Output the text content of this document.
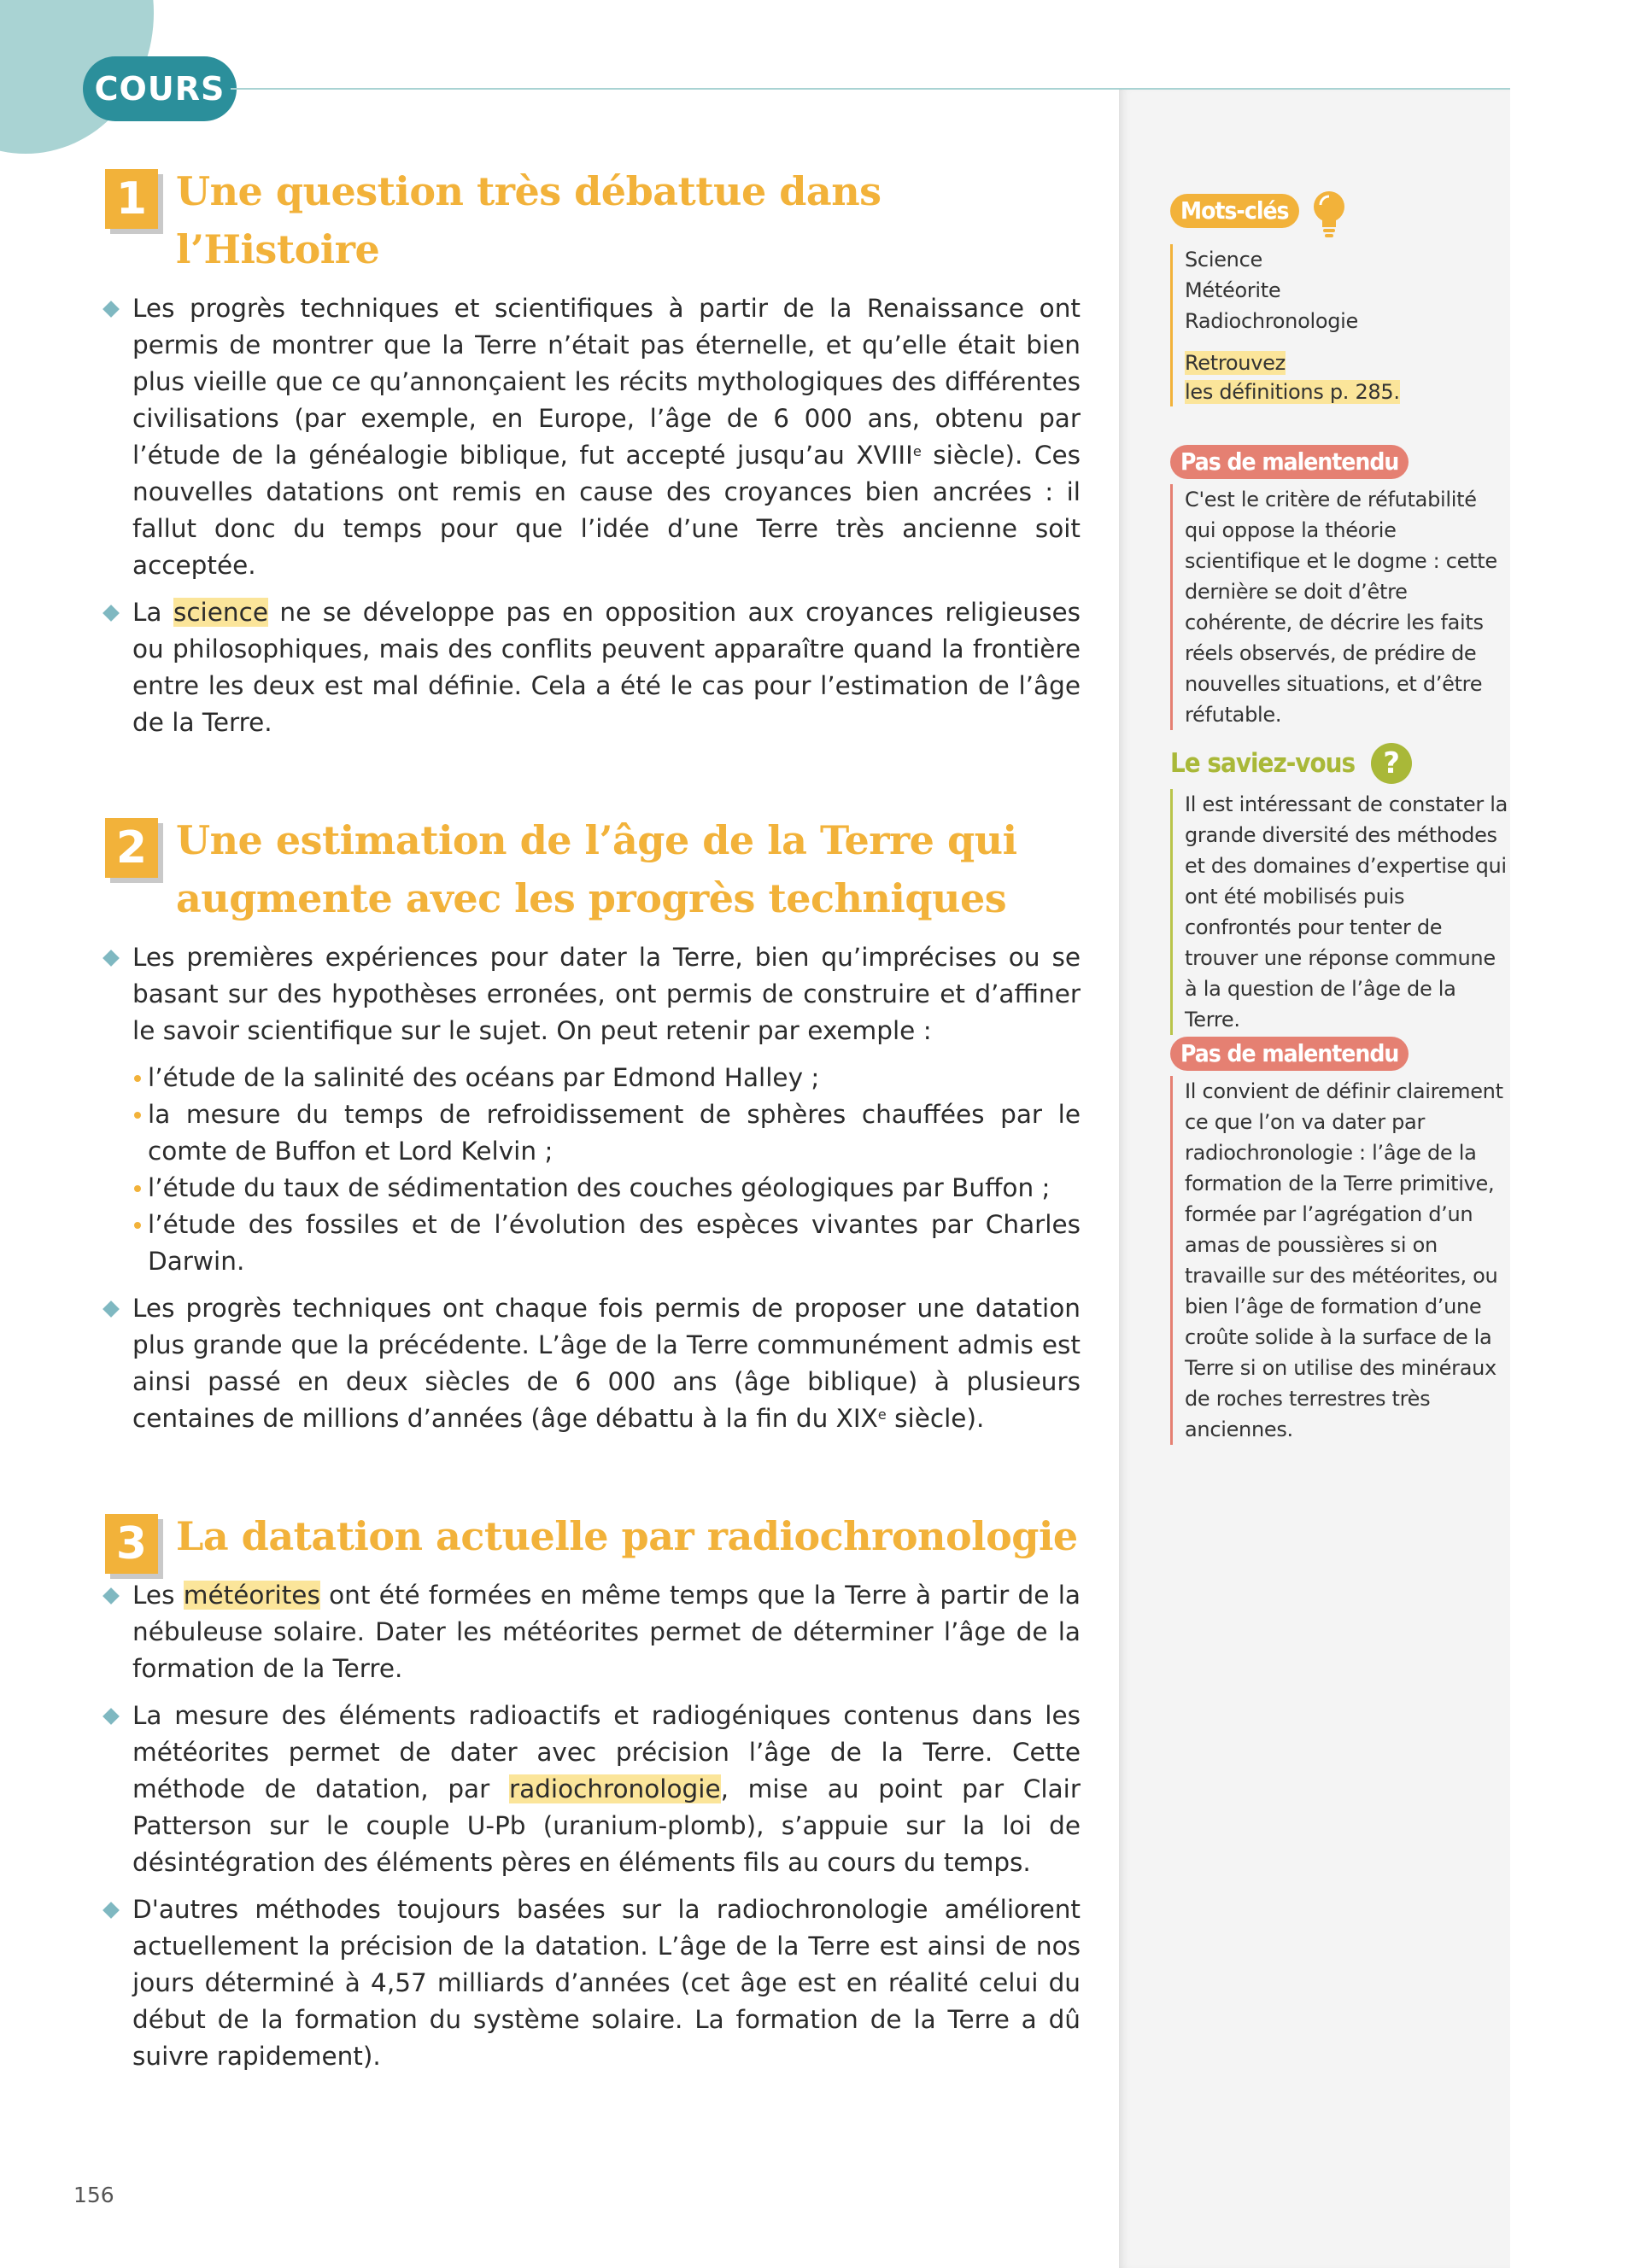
COURS
1 Une question très débattue dans l’Histoire

Les progrès techniques et scientifiques à partir de la Renaissance ont permis de montrer que la Terre n’était pas éternelle, et qu’elle était bien plus vieille que ce qu’annonçaient les récits mythologiques des différentes civilisations (par exemple, en Europe, l’âge de 6 000 ans, obtenu par l’étude de la généalogie biblique, fut accepté jusqu’au XVIIIe siècle). Ces nouvelles datations ont remis en cause des croyances bien ancrées : il fallut donc du temps pour que l’idée d’une Terre très ancienne soit acceptée.

La science ne se développe pas en opposition aux croyances religieuses ou philosophiques, mais des conflits peuvent apparaître quand la frontière entre les deux est mal définie. Cela a été le cas pour l’estimation de l’âge de la Terre.

2 Une estimation de l’âge de la Terre qui
augmente avec les progrès techniques

Les premières expériences pour dater la Terre, bien qu’imprécises ou se basant sur des hypothèses erronées, ont permis de construire et d’affiner le savoir scientifique sur le sujet. On peut retenir par exemple :

l’étude de la salinité des océans par Edmond Halley ;

la mesure du temps de refroidissement de sphères chauffées par le comte de Buffon et Lord Kelvin ;

l’étude du taux de sédimentation des couches géologiques par Buffon ;

l’étude des fossiles et de l’évolution des espèces vivantes par Charles Darwin.

Les progrès techniques ont chaque fois permis de proposer une datation plus grande que la précédente. L’âge de la Terre communément admis est ainsi passé en deux siècles de 6 000 ans (âge biblique) à plusieurs centaines de millions d’années (âge débattu à la fin du XIXe siècle).

3 La datation actuelle par radiochronologie

Les météorites ont été formées en même temps que la Terre à partir de la nébuleuse solaire. Dater les météorites permet de déterminer l’âge de la formation de la Terre.

La mesure des éléments radioactifs et radiogéniques contenus dans les météorites permet de dater avec précision l’âge de la Terre. Cette méthode de datation, par radiochronologie, mise au point par Clair Patterson sur le couple U-Pb (uranium-plomb), s’appuie sur la loi de désintégration des éléments pères en éléments fils au cours du temps.

D'autres méthodes toujours basées sur la radiochronologie améliorent actuellement la précision de la datation. L’âge de la Terre est ainsi de nos jours déterminé à 4,57 milliards d’années (cet âge est en réalité celui du début de la formation du système solaire. La formation de la Terre a dû suivre rapidement).

Mots-clés
Science
Météorite
Radiochronologie
Retrouvez
les définitions p. 285.
Pas de malentendu
C'est le critère de réfutabilité qui oppose la théorie scientifique et le dogme : cette dernière se doit d’être cohérente, de décrire les faits réels observés, de prédire de nouvelles situations, et d’être réfutable.
Le saviez-vous ?
Il est intéressant de constater la grande diversité des méthodes et des domaines d’expertise qui ont été mobilisés puis confrontés pour tenter de trouver une réponse commune à la question de l’âge de la Terre.
Pas de malentendu
Il convient de définir clairement ce que l’on va dater par radiochronologie : l’âge de la formation de la Terre primitive, formée par l’agrégation d’un amas de poussières si on travaille sur des météorites, ou bien l’âge de formation d’une croûte solide à la surface de la Terre si on utilise des minéraux de roches terrestres très anciennes.
156
